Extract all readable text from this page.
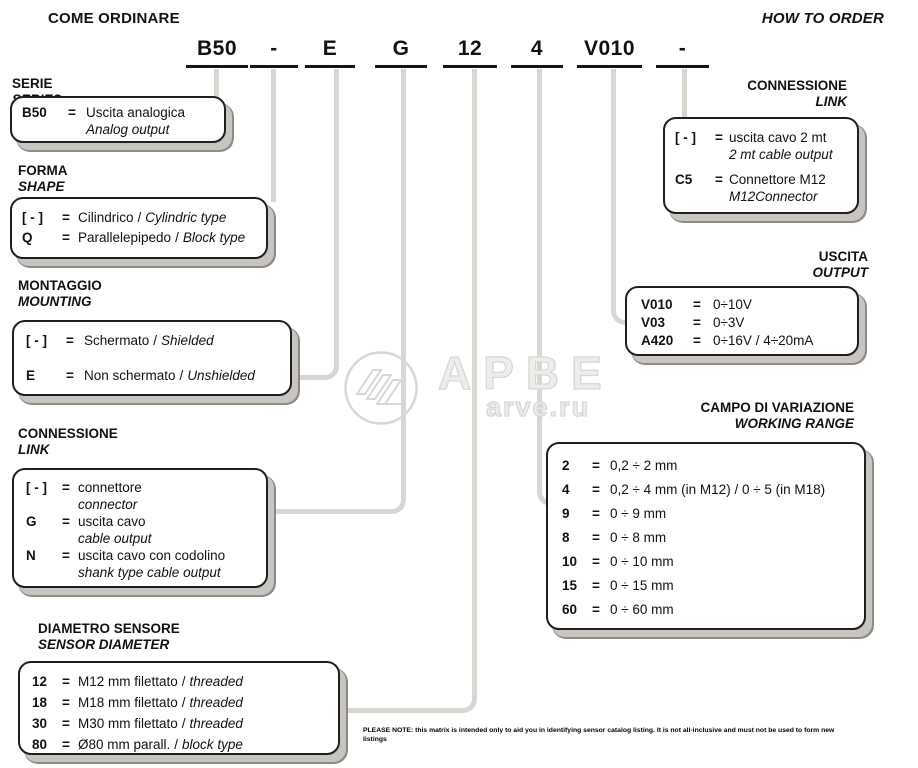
COME ORDINARE	HOW TO ORDER
B50	-	E	G	12	4	V010	-
АРВЕ
arve.ru
SERIE
B50	= Uscita analogica
Analog output
FORMA
SHAPE
[ - ]	= Cilindrico / Cylindric type
Q	= Parallelepipedo / Block type
MONTAGGIO
MOUNTING
[ - ]	= Schermato / Shielded
E	= Non schermato / Unshielded
CONNESSIONE
LINK
[ - ]	= connettore
connector
G	= uscita cavo
cable output
N	= uscita cavo con codolino
shank type cable output
DIAMETRO SENSORE
SENSOR DIAMETER
12	= M12 mm filettato / threaded
18	= M18 mm filettato / threaded
30	= M30 mm filettato / threaded
80	= Ø80 mm parall. / block type
CONNESSIONE
LINK
[ - ]	= uscita cavo 2 mt
2 mt cable output
C5	= Connettore M12
M12Connector
USCITA
OUTPUT
V010	= 0÷10V
V03	= 0÷3V
A420	= 0÷16V / 4÷20mA
CAMPO DI VARIAZIONE
WORKING RANGE
2	= 0,2 ÷ 2 mm
4	= 0,2 ÷ 4 mm (in M12) / 0 ÷ 5 (in M18)
9	= 0 ÷ 9 mm
8	= 0 ÷ 8 mm
10	= 0 ÷ 10 mm
15	= 0 ÷ 15 mm
60	= 0 ÷ 60 mm
PLEASE NOTE: this matrix is intended only to aid you in identifying sensor catalog listing. It is not all-inclusive and must not be used to form new listings
